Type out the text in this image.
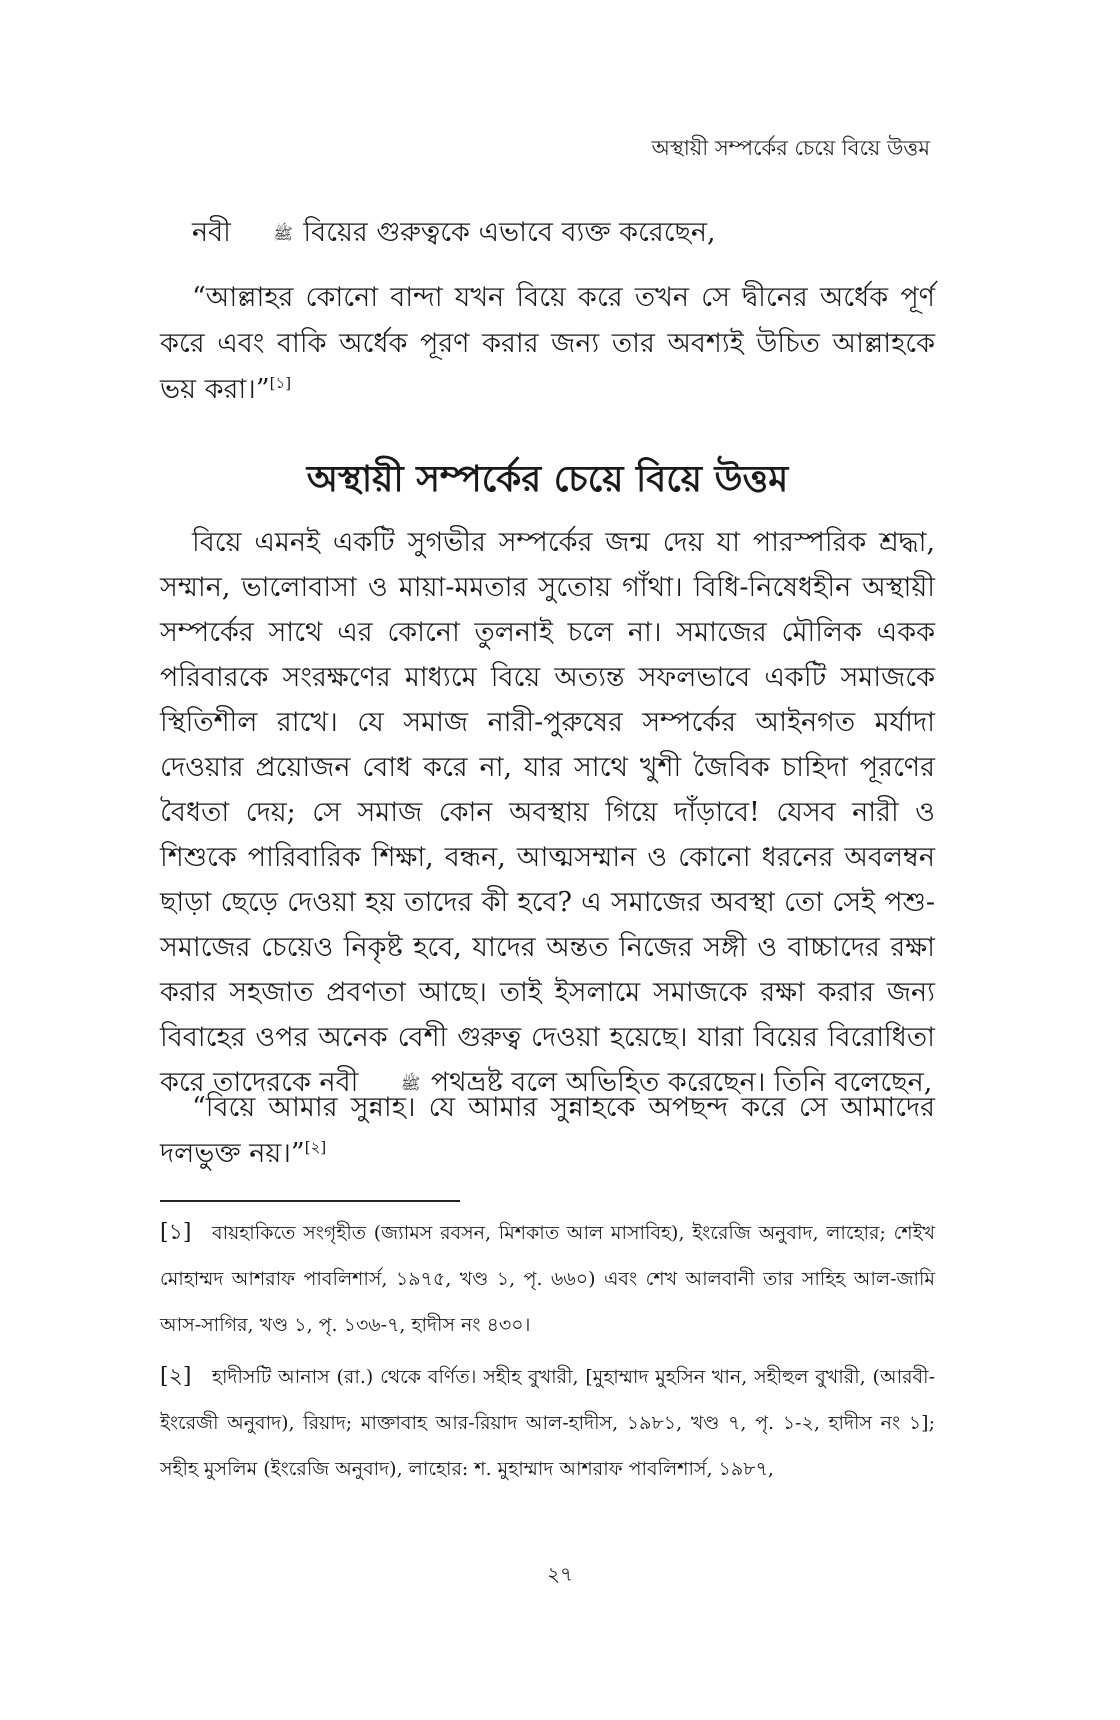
অস্থায়ী সম্পর্কের চেয়ে বিয়ে উত্তম
নবী	ﷺ বিয়ের গুরুত্বকে এভাবে ব্যক্ত করেছেন,

“আল্লাহর কোনো বান্দা যখন বিয়ে করে তখন সে দ্বীনের অর্ধেক পূর্ণ করে এবং বাকি অর্ধেক পূরণ করার জন্য তার অবশ্যই উচিত আল্লাহকে ভয় করা।”[১]

অস্থায়ী সম্পর্কের চেয়ে বিয়ে উত্তম

বিয়ে এমনই একটি সুগভীর সম্পর্কের জন্ম দেয় যা পারস্পরিক শ্রদ্ধা, সম্মান, ভালোবাসা ও মায়া-মমতার সুতোয় গাঁথা। বিধি-নিষেধহীন অস্থায়ী সম্পর্কের সাথে এর কোনো তুলনাই চলে না। সমাজের মৌলিক একক পরিবারকে সংরক্ষণের মাধ্যমে বিয়ে অত্যন্ত সফলভাবে একটি সমাজকে স্থিতিশীল রাখে। যে সমাজ নারী-পুরুষের সম্পর্কের আইনগত মর্যাদা দেওয়ার প্রয়োজন বোধ করে না, যার সাথে খুশী জৈবিক চাহিদা পূরণের বৈধতা দেয়; সে সমাজ কোন অবস্থায় গিয়ে দাঁড়াবে! যেসব নারী ও শিশুকে পারিবারিক শিক্ষা, বন্ধন, আত্মসম্মান ও কোনো ধরনের অবলম্বন ছাড়া ছেড়ে দেওয়া হয় তাদের কী হবে? এ সমাজের অবস্থা তো সেই পশু-সমাজের চেয়েও নিকৃষ্ট হবে, যাদের অন্তত নিজের সঙ্গী ও বাচ্চাদের রক্ষা করার সহজাত প্রবণতা আছে। তাই ইসলামে সমাজকে রক্ষা করার জন্য বিবাহের ওপর অনেক বেশী গুরুত্ব দেওয়া হয়েছে। যারা বিয়ের বিরোধিতা করে তাদেরকে নবী	ﷺ পথভ্রষ্ট বলে অভিহিত করেছেন। তিনি বলেছেন,

“বিয়ে আমার সুন্নাহ। যে আমার সুন্নাহকে অপছন্দ করে সে আমাদের দলভুক্ত নয়।”[২]

[১] বায়হাকিতে সংগৃহীত (জ্যামস রবসন, মিশকাত আল মাসাবিহ), ইংরেজি অনুবাদ, লাহোর; শেইখ মোহাম্মদ আশরাফ পাবলিশার্স, ১৯৭৫, খণ্ড ১, পৃ. ৬৬০) এবং শেখ আলবানী তার সাহিহ আল-জামি আস-সাগির, খণ্ড ১, পৃ. ১৩৬-৭, হাদীস নং ৪৩০।

[২] হাদীসটি আনাস (রা.) থেকে বর্ণিত। সহীহ বুখারী, [মুহাম্মাদ মুহসিন খান, সহীহুল বুখারী, (আরবী-ইংরেজী অনুবাদ), রিয়াদ; মাক্তাবাহ আর-রিয়াদ আল-হাদীস, ১৯৮১, খণ্ড ৭, পৃ. ১-২, হাদীস নং ১]; সহীহ মুসলিম (ইংরেজি অনুবাদ), লাহোর: শ. মুহাম্মাদ আশরাফ পাবলিশার্স, ১৯৮৭,

২৭
